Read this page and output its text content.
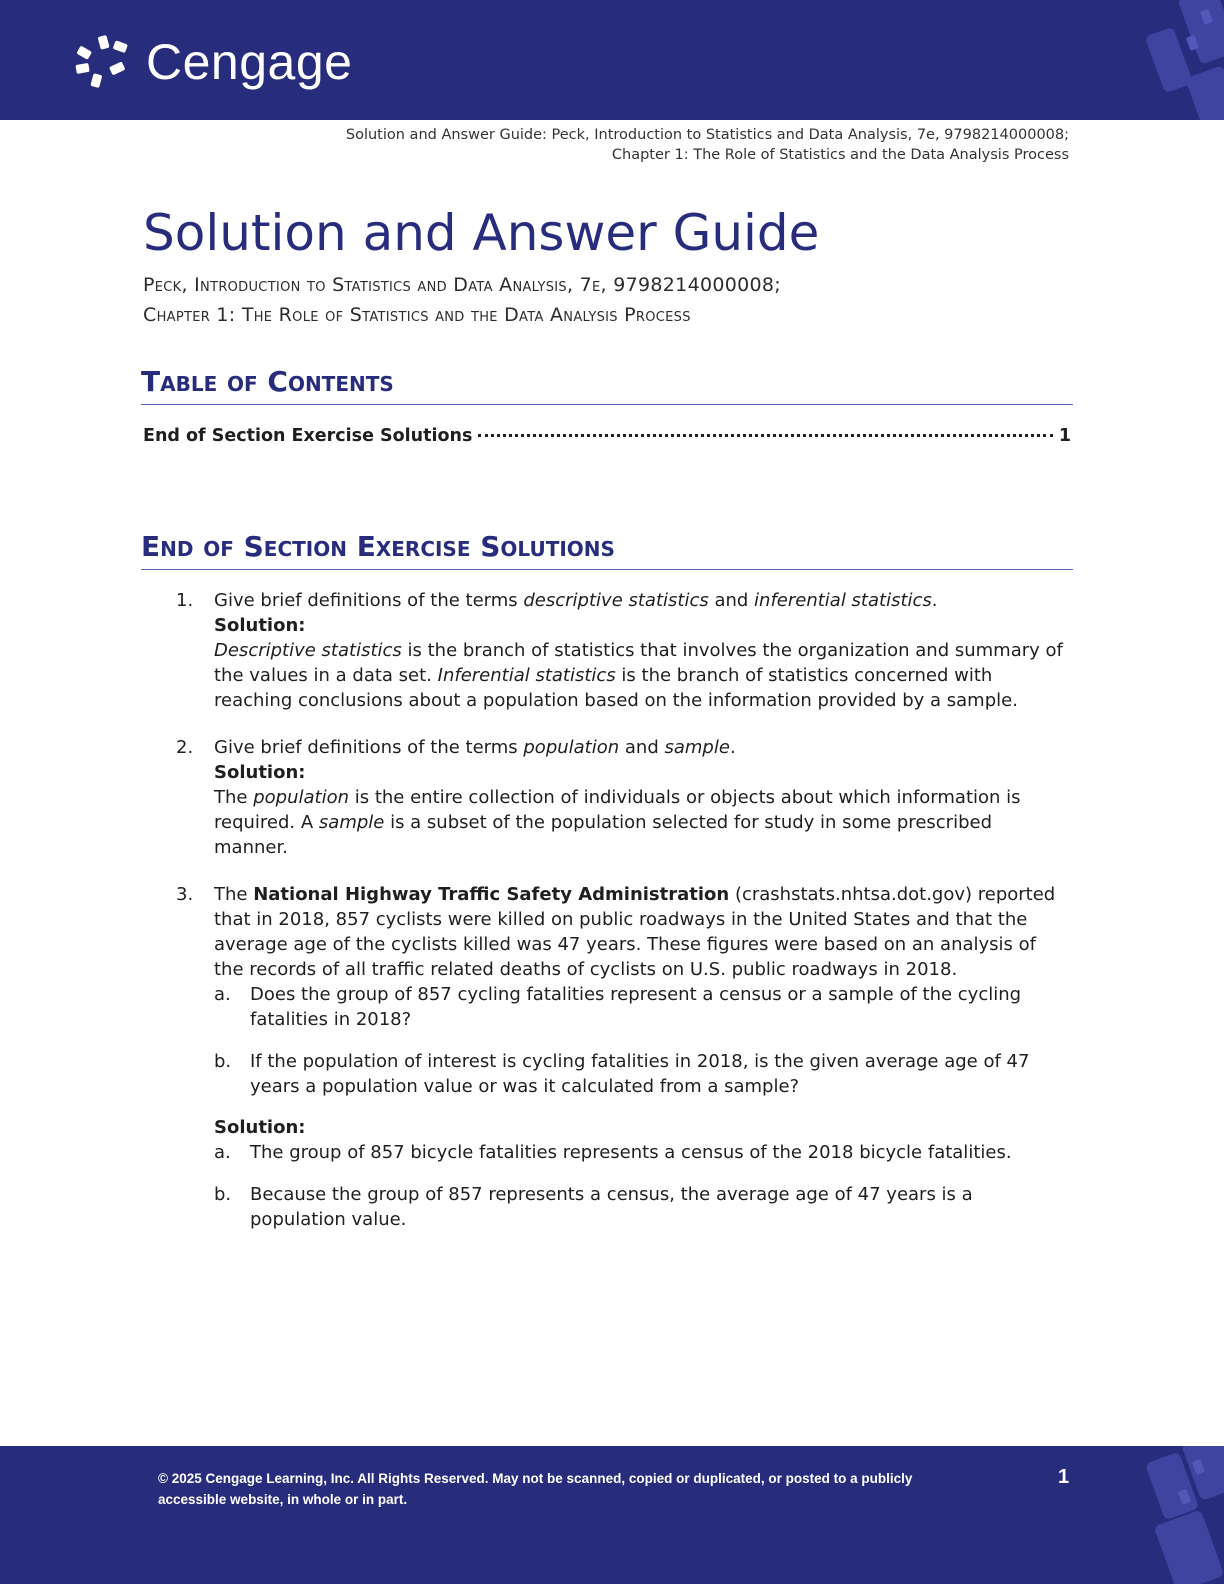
Cengage
Solution and Answer Guide: Peck, Introduction to Statistics and Data Analysis, 7e, 9798214000008;
Chapter 1: The Role of Statistics and the Data Analysis Process
Solution and Answer Guide
Peck, Introduction to Statistics and Data Analysis, 7e, 9798214000008;
Chapter 1: The Role of Statistics and the Data Analysis Process
Table of Contents
End of Section Exercise Solutions	1
End of Section Exercise Solutions
1.	Give brief definitions of the terms descriptive statistics and inferential statistics.

Solution:

Descriptive statistics is the branch of statistics that involves the organization and summary of the values in a data set. Inferential statistics is the branch of statistics concerned with reaching conclusions about a population based on the information provided by a sample.

2.	Give brief definitions of the terms population and sample.

Solution:

The population is the entire collection of individuals or objects about which information is required. A sample is a subset of the population selected for study in some prescribed manner.

3.	The National Highway Traffic Safety Administration (crashstats.nhtsa.dot.gov) reported that in 2018, 857 cyclists were killed on public roadways in the United States and that the average age of the cyclists killed was 47 years. These figures were based on an analysis of the records of all traffic related deaths of cyclists on U.S. public roadways in 2018.

a.	Does the group of 857 cycling fatalities represent a census or a sample of the cycling fatalities in 2018?
b.	If the population of interest is cycling fatalities in 2018, is the given average age of 47 years a population value or was it calculated from a sample?

Solution:

a.	The group of 857 bicycle fatalities represents a census of the 2018 bicycle fatalities.
b.	Because the group of 857 represents a census, the average age of 47 years is a population value.
© 2025 Cengage Learning, Inc. All Rights Reserved. May not be scanned, copied or duplicated, or posted to a publicly accessible website, in whole or in part.
1
